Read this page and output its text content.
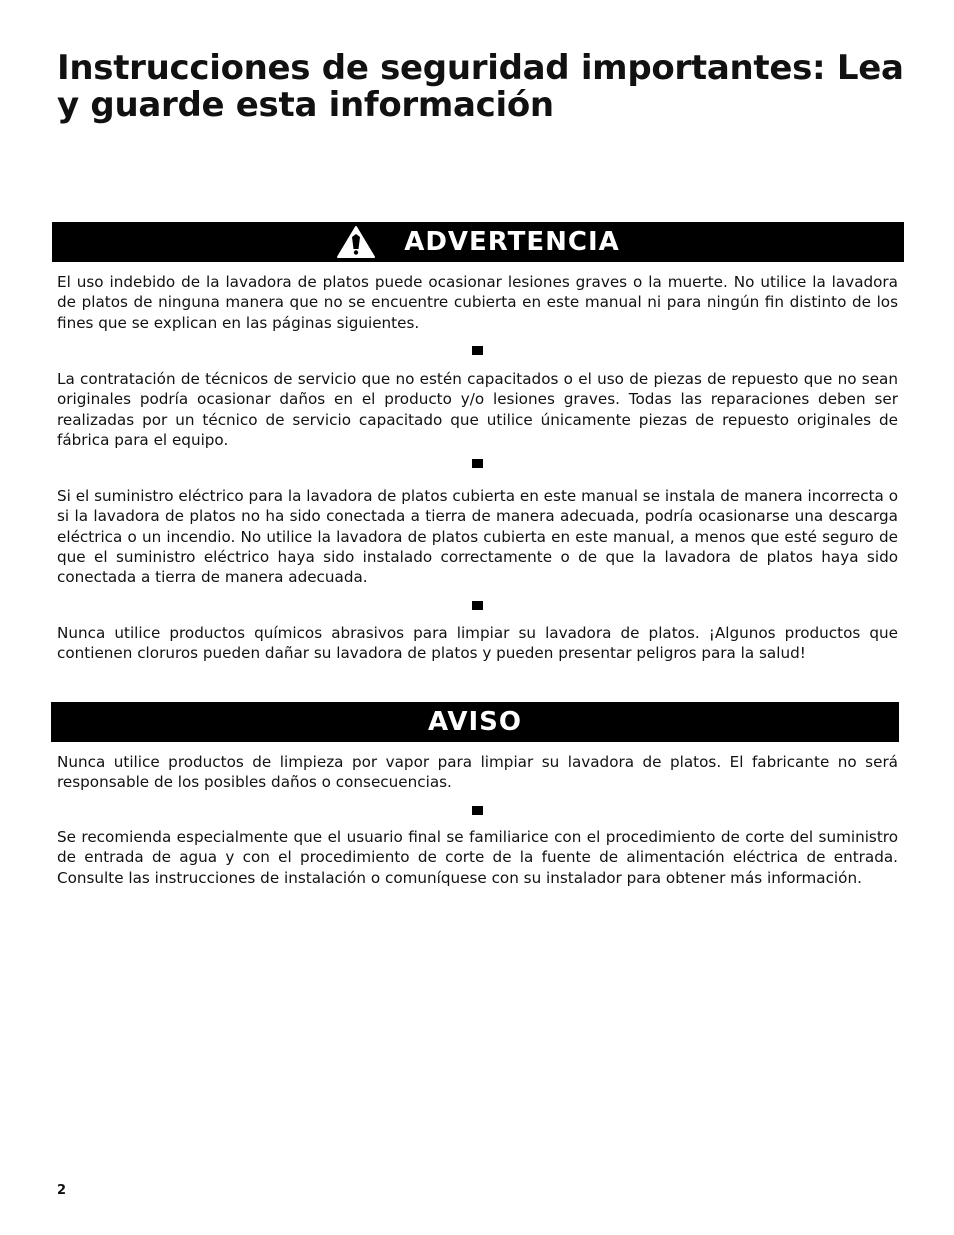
Instrucciones de seguridad importantes: Lea y guarde esta información
ADVERTENCIA

El uso indebido de la lavadora de platos puede ocasionar lesiones graves o la muerte. No utilice la lavadora de platos de ninguna manera que no se encuentre cubierta en este manual ni para ningún fin distinto de los fines que se explican en las páginas siguientes.

La contratación de técnicos de servicio que no estén capacitados o el uso de piezas de repuesto que no sean originales podría ocasionar daños en el producto y/o lesiones graves. Todas las reparaciones deben ser realizadas por un técnico de servicio capacitado que utilice únicamente piezas de repuesto originales de fábrica para el equipo.

Si el suministro eléctrico para la lavadora de platos cubierta en este manual se instala de manera incorrecta o si la lavadora de platos no ha sido conectada a tierra de manera adecuada, podría ocasionarse una descarga eléctrica o un incendio. No utilice la lavadora de platos cubierta en este manual, a menos que esté seguro de que el suministro eléctrico haya sido instalado correctamente o de que la lavadora de platos haya sido conectada a tierra de manera adecuada.

Nunca utilice productos químicos abrasivos para limpiar su lavadora de platos. ¡Algunos productos que contienen cloruros pueden dañar su lavadora de platos y pueden presentar peligros para la salud!

AVISO

Nunca utilice productos de limpieza por vapor para limpiar su lavadora de platos. El fabricante no será responsable de los posibles daños o consecuencias.

Se recomienda especialmente que el usuario final se familiarice con el procedimiento de corte del suministro de entrada de agua y con el procedimiento de corte de la fuente de alimentación eléctrica de entrada. Consulte las instrucciones de instalación o comuníquese con su instalador para obtener más información.

2
